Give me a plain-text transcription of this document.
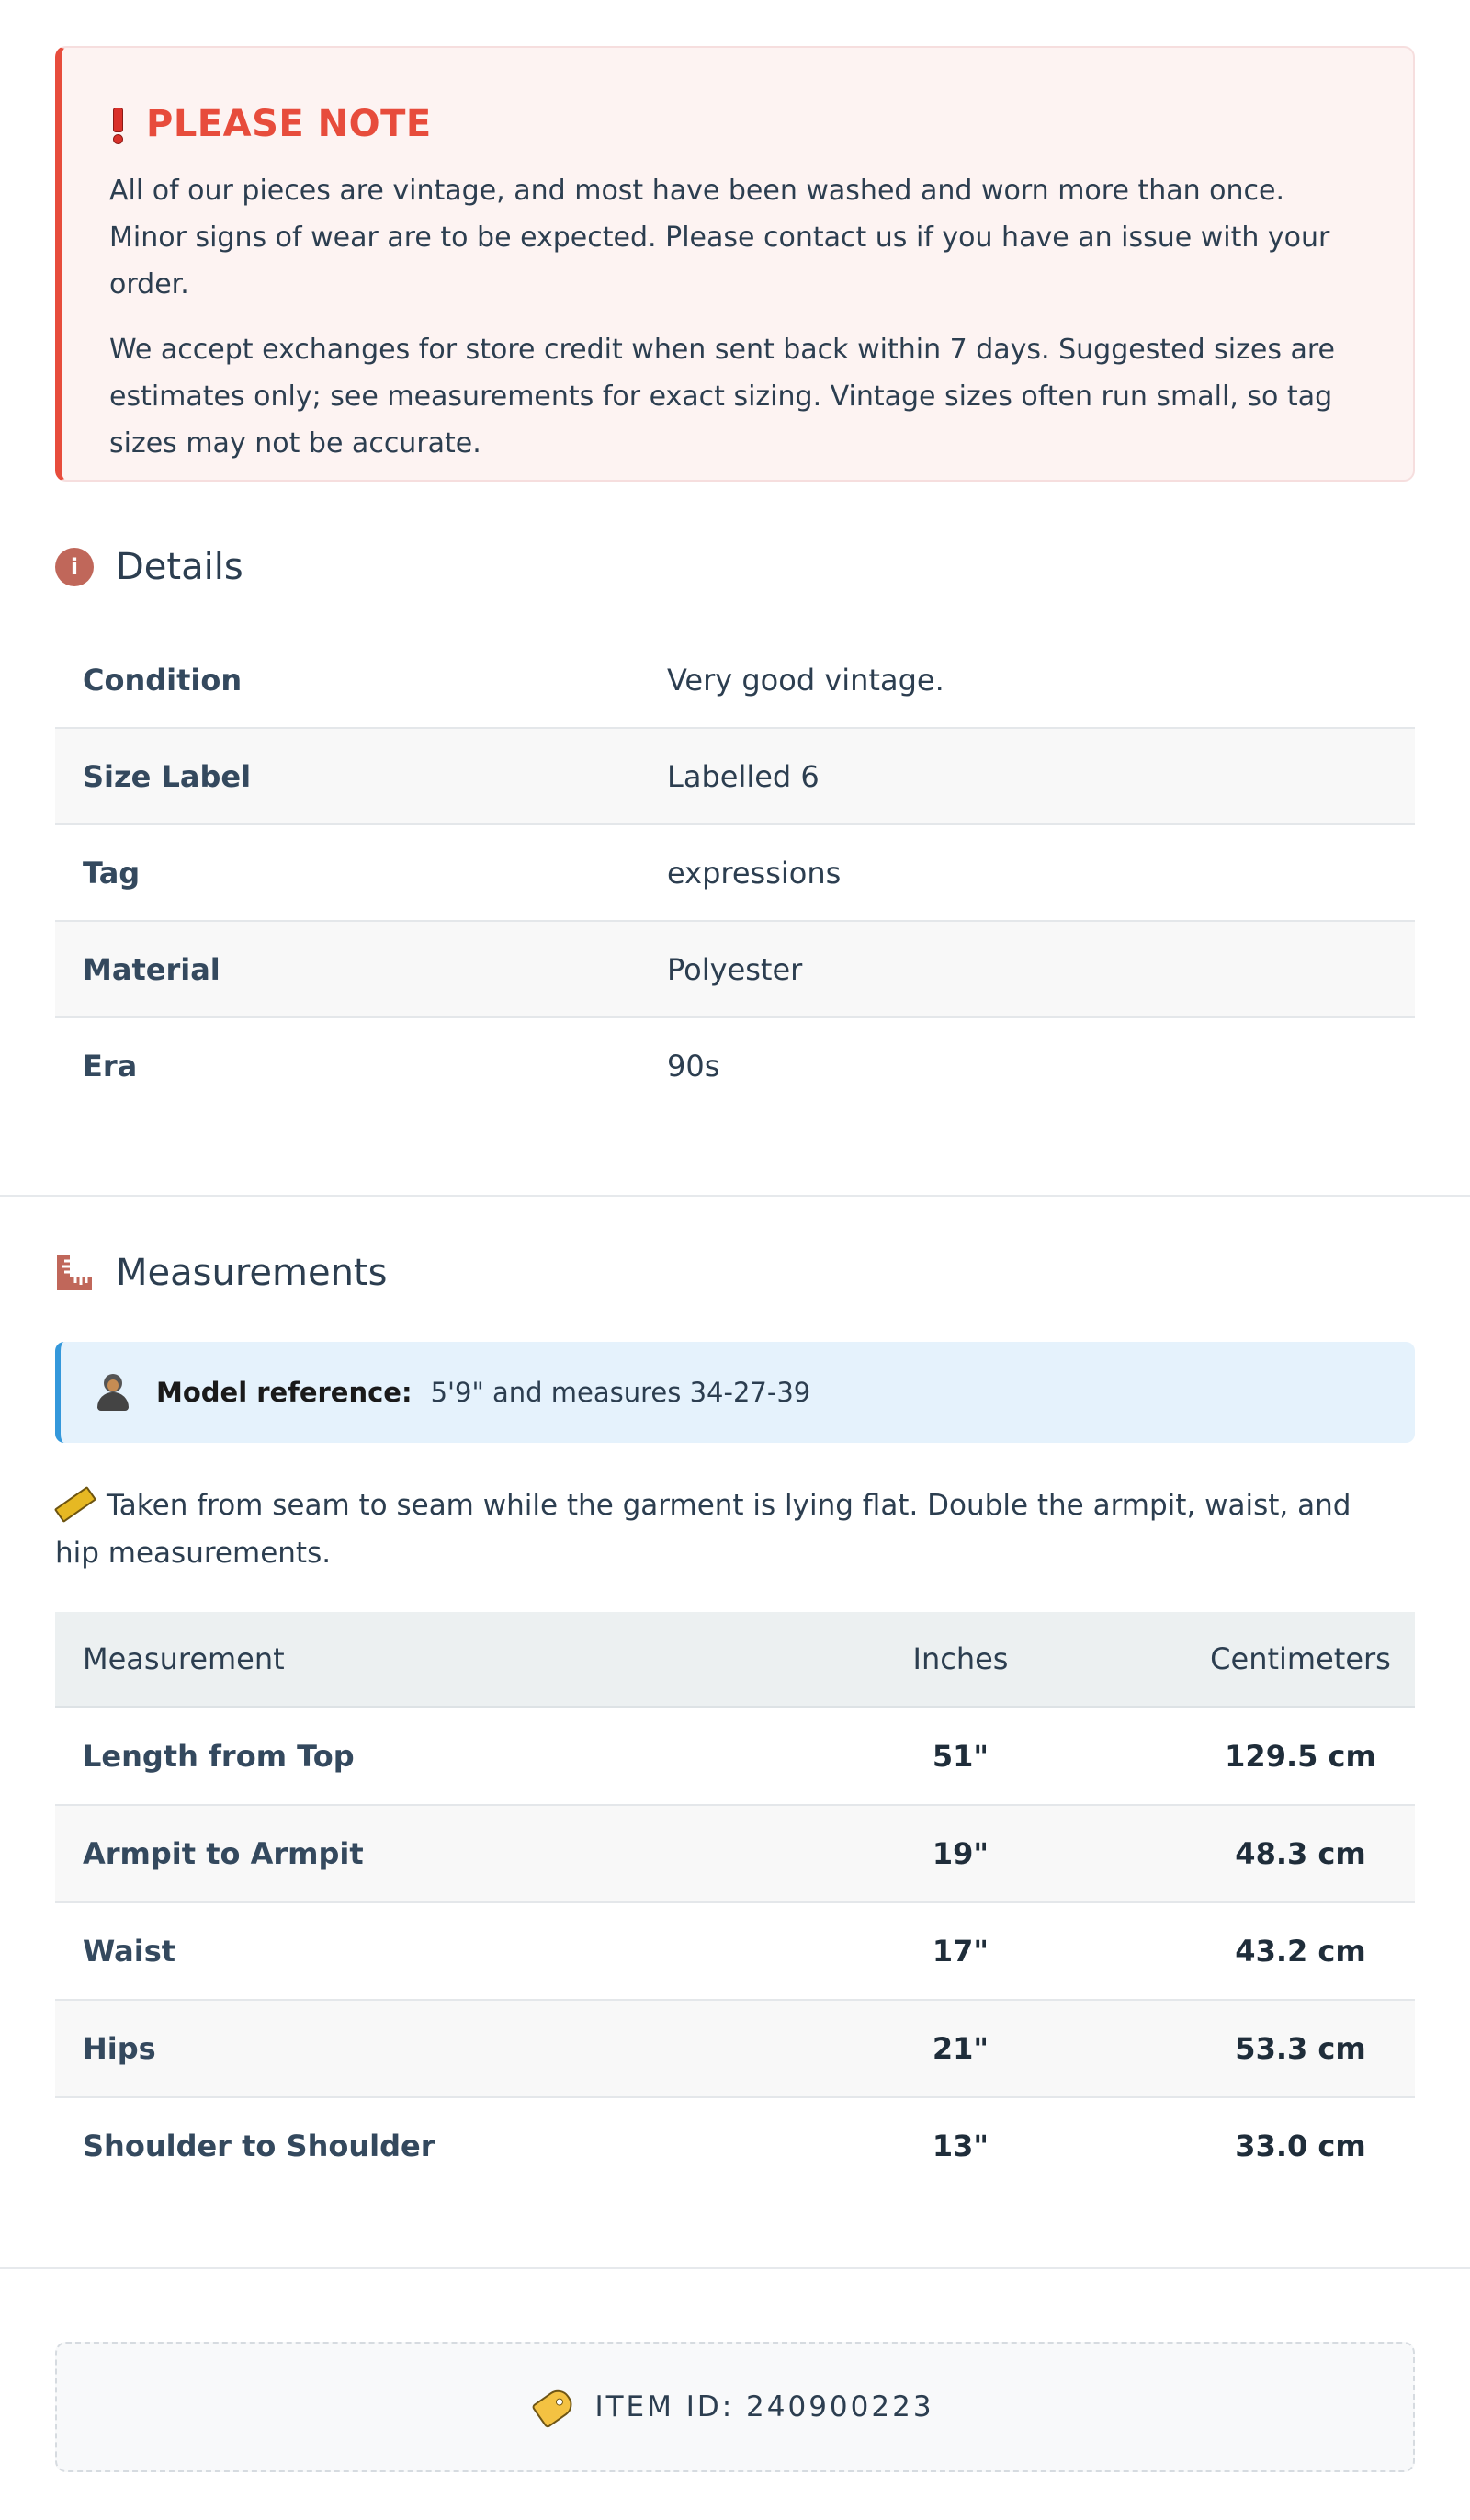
PLEASE NOTE

All of our pieces are vintage, and most have been washed and worn more than once. Minor signs of wear are to be expected. Please contact us if you have an issue with your order.

We accept exchanges for store credit when sent back within 7 days. Suggested sizes are estimates only; see measurements for exact sizing. Vintage sizes often run small, so tag sizes may not be accurate.

i	Details
Condition	Very good vintage.
Size Label	Labelled 6
Tag	expressions
Material	Polyester
Era	90s
Measurements
Model reference: 5'9" and measures 34-27-39

Taken from seam to seam while the garment is lying flat. Double the armpit, waist, and hip measurements.

Measurement	Inches	Centimeters
Length from Top	51"	129.5 cm
Armpit to Armpit	19"	48.3 cm
Waist	17"	43.2 cm
Hips	21"	53.3 cm
Shoulder to Shoulder	13"	33.0 cm
ITEM ID: 240900223
